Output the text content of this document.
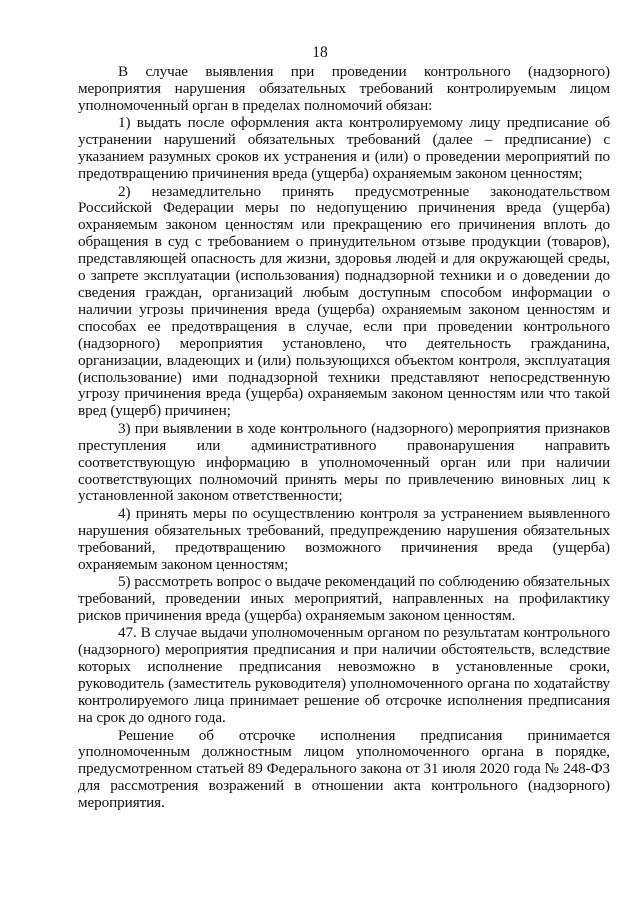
18

В случае выявления при проведении контрольного (надзорного) мероприятия нарушения обязательных требований контролируемым лицом уполномоченный орган в пределах полномочий обязан:

1) выдать после оформления акта контролируемому лицу предписание об устранении нарушений обязательных требований (далее – предписание) с указанием разумных сроков их устранения и (или) о проведении мероприятий по предотвращению причинения вреда (ущерба) охраняемым законом ценностям;

2) незамедлительно принять предусмотренные законодательством Российской Федерации меры по недопущению причинения вреда (ущерба) охраняемым законом ценностям или прекращению его причинения вплоть до обращения в суд с требованием о принудительном отзыве продукции (товаров), представляющей опасность для жизни, здоровья людей и для окружающей среды, о запрете эксплуатации (использования) поднадзорной техники и о доведении до сведения граждан, организаций любым доступным способом информации о наличии угрозы причинения вреда (ущерба) охраняемым законом ценностям и способах ее предотвращения в случае, если при проведении контрольного (надзорного) мероприятия установлено, что деятельность гражданина, организации, владеющих и (или) пользующихся объектом контроля, эксплуатация (использование) ими поднадзорной техники представляют непосредственную угрозу причинения вреда (ущерба) охраняемым законом ценностям или что такой вред (ущерб) причинен;

3) при выявлении в ходе контрольного (надзорного) мероприятия признаков преступления или административного правонарушения направить соответствующую информацию в уполномоченный орган или при наличии соответствующих полномочий принять меры по привлечению виновных лиц к установленной законом ответственности;

4) принять меры по осуществлению контроля за устранением выявленного нарушения обязательных требований, предупреждению нарушения обязательных требований, предотвращению возможного причинения вреда (ущерба) охраняемым законом ценностям;

5) рассмотреть вопрос о выдаче рекомендаций по соблюдению обязательных требований, проведении иных мероприятий, направленных на профилактику рисков причинения вреда (ущерба) охраняемым законом ценностям.

47. В случае выдачи уполномоченным органом по результатам контрольного (надзорного) мероприятия предписания и при наличии обстоятельств, вследствие которых исполнение предписания невозможно в установленные сроки, руководитель (заместитель руководителя) уполномоченного органа по ходатайству контролируемого лица принимает решение об отсрочке исполнения предписания на срок до одного года.

Решение об отсрочке исполнения предписания принимается уполномоченным должностным лицом уполномоченного органа в порядке, предусмотренном статьей 89 Федерального закона от 31 июля 2020 года № 248-ФЗ для рассмотрения возражений в отношении акта контрольного (надзорного) мероприятия.
